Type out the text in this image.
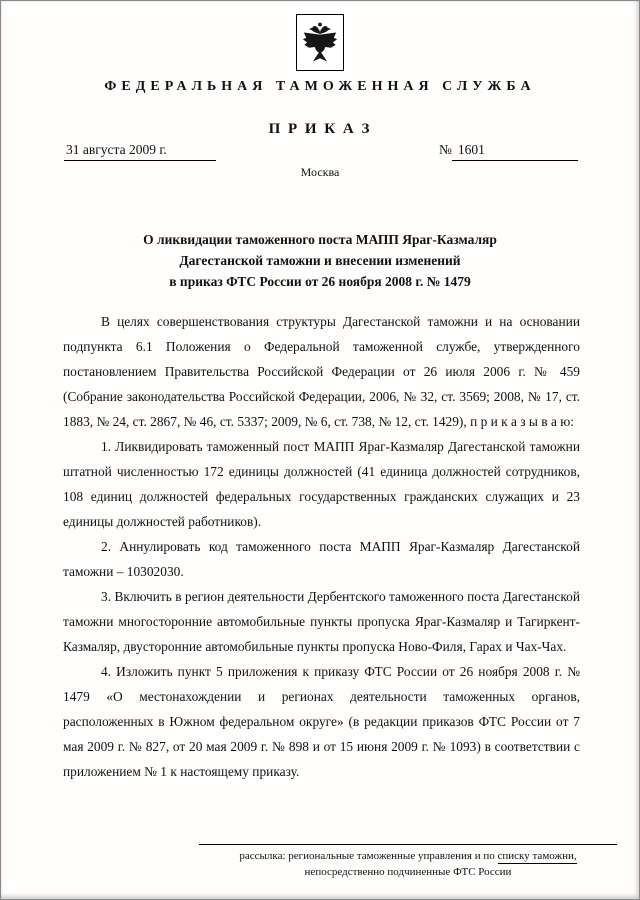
ФЕДЕРАЛЬНАЯ ТАМОЖЕННАЯ СЛУЖБА
П Р И К А З
31 августа 2009 г.	№ 1601
Москва
О ликвидации таможенного поста МАПП Яраг-Казмаляр
Дагестанской таможни и внесении изменений
в приказ ФТС России от 26 ноября 2008 г. № 1479

В целях совершенствования структуры Дагестанской таможни и на основании подпункта 6.1 Положения о Федеральной таможенной службе, утвержденного постановлением Правительства Российской Федерации от 26 июля 2006 г. № 459 (Собрание законодательства Российской Федерации, 2006, № 32, ст. 3569; 2008, № 17, ст. 1883, № 24, ст. 2867, № 46, ст. 5337; 2009, № 6, ст. 738, № 12, ст. 1429), п р и к а з ы в а ю:

1. Ликвидировать таможенный пост МАПП Яраг-Казмаляр Дагестанской таможни штатной численностью 172 единицы должностей (41 единица должностей сотрудников, 108 единиц должностей федеральных государственных гражданских служащих и 23 единицы должностей работников).

2. Аннулировать код таможенного поста МАПП Яраг-Казмаляр Дагестанской таможни – 10302030.

3. Включить в регион деятельности Дербентского таможенного поста Дагестанской таможни многосторонние автомобильные пункты пропуска Яраг-Казмаляр и Тагиркент-Казмаляр, двусторонние автомобильные пункты пропуска Ново-Филя, Гарах и Чах-Чах.

4. Изложить пункт 5 приложения к приказу ФТС России от 26 ноября 2008 г. № 1479 «О местонахождении и регионах деятельности таможенных органов, расположенных в Южном федеральном округе» (в редакции приказов ФТС России от 7 мая 2009 г. № 827, от 20 мая 2009 г. № 898 и от 15 июня 2009 г. № 1093) в соответствии с приложением № 1 к настоящему приказу.

рассылка: региональные таможенные управления и по списку таможни,
непосредственно подчиненные ФТС России
